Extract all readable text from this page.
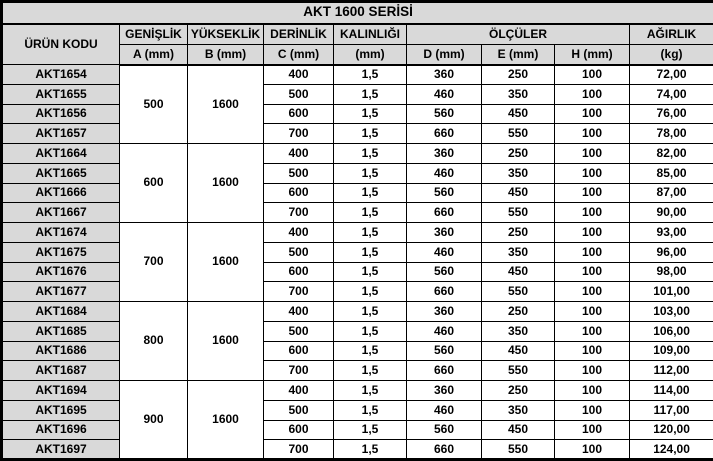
AKT 1600 SERİSİ								
ÜRÜN KODU	GENİŞLİK	YÜKSEKLİK	DERİNLİK	KALINLIĞI	ÖLÇÜLER			AĞIRLIK
	A (mm)	B (mm)	C (mm)	(mm)	D (mm)	E (mm)	H (mm)	(kg)
AKT1654	500	1600	400	1,5	360	250	100	72,00
AKT1655			500	1,5	460	350	100	74,00
AKT1656			600	1,5	560	450	100	76,00
AKT1657			700	1,5	660	550	100	78,00
AKT1664	600	1600	400	1,5	360	250	100	82,00
AKT1665			500	1,5	460	350	100	85,00
AKT1666			600	1,5	560	450	100	87,00
AKT1667			700	1,5	660	550	100	90,00
AKT1674	700	1600	400	1,5	360	250	100	93,00
AKT1675			500	1,5	460	350	100	96,00
AKT1676			600	1,5	560	450	100	98,00
AKT1677			700	1,5	660	550	100	101,00
AKT1684	800	1600	400	1,5	360	250	100	103,00
AKT1685			500	1,5	460	350	100	106,00
AKT1686			600	1,5	560	450	100	109,00
AKT1687			700	1,5	660	550	100	112,00
AKT1694	900	1600	400	1,5	360	250	100	114,00
AKT1695			500	1,5	460	350	100	117,00
AKT1696			600	1,5	560	450	100	120,00
AKT1697			700	1,5	660	550	100	124,00
